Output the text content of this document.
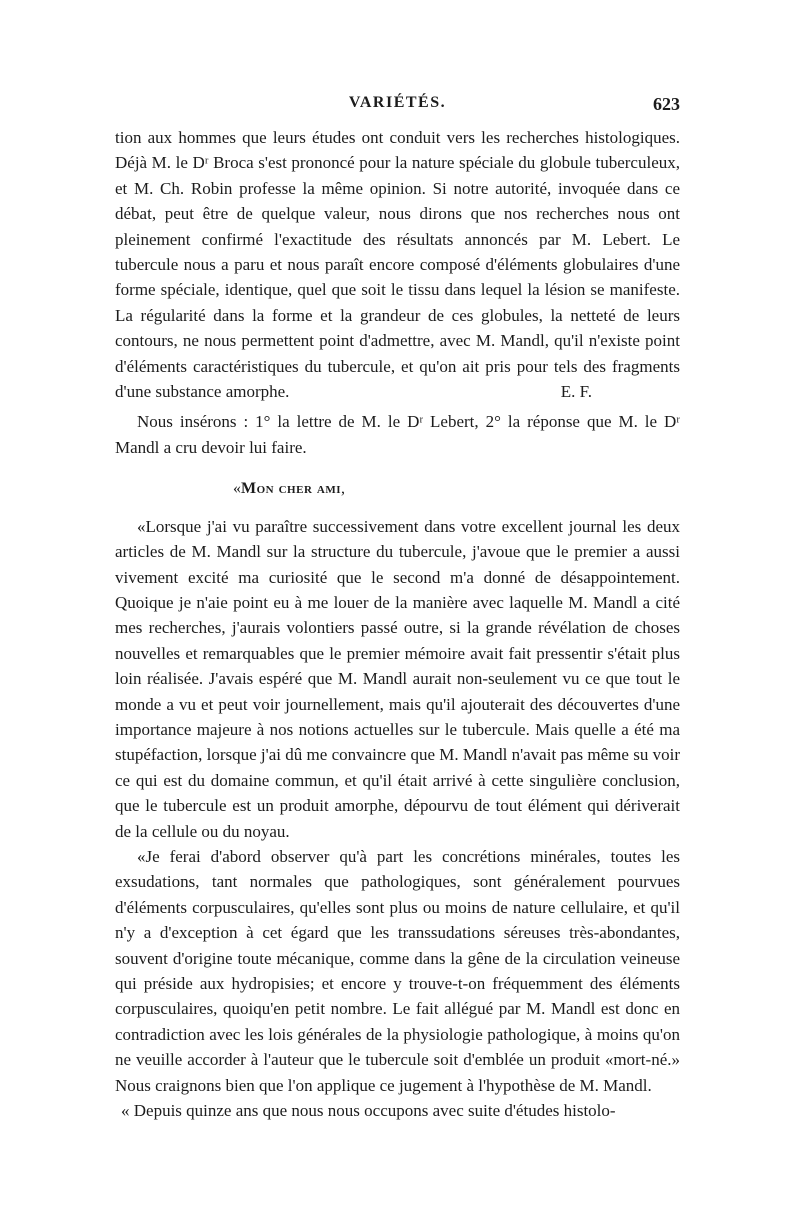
VARIÉTÉS.	623

tion aux hommes que leurs études ont conduit vers les recherches histologiques. Déjà M. le Dʳ Broca s'est prononcé pour la nature spéciale du globule tuberculeux, et M. Ch. Robin professe la même opinion. Si notre autorité, invoquée dans ce débat, peut être de quelque valeur, nous dirons que nos recherches nous ont pleinement confirmé l'exactitude des résultats annoncés par M. Lebert. Le tubercule nous a paru et nous paraît encore composé d'éléments globulaires d'une forme spéciale, identique, quel que soit le tissu dans lequel la lésion se manifeste. La régularité dans la forme et la grandeur de ces globules, la netteté de leurs contours, ne nous permettent point d'admettre, avec M. Mandl, qu'il n'existe point d'éléments caractéristiques du tubercule, et qu'on ait pris pour tels des fragments d'une substance amorphe.	E. F.

Nous insérons : 1° la lettre de M. le Dʳ Lebert, 2° la réponse que M. le Dʳ Mandl a cru devoir lui faire.

«Mon cher ami,

«Lorsque j'ai vu paraître successivement dans votre excellent journal les deux articles de M. Mandl sur la structure du tubercule, j'avoue que le premier a aussi vivement excité ma curiosité que le second m'a donné de désappointement. Quoique je n'aie point eu à me louer de la manière avec laquelle M. Mandl a cité mes recherches, j'aurais volontiers passé outre, si la grande révélation de choses nouvelles et remarquables que le premier mémoire avait fait pressentir s'était plus loin réalisée. J'avais espéré que M. Mandl aurait non-seulement vu ce que tout le monde a vu et peut voir journellement, mais qu'il ajouterait des découvertes d'une importance majeure à nos notions actuelles sur le tubercule. Mais quelle a été ma stupéfaction, lorsque j'ai dû me convaincre que M. Mandl n'avait pas même su voir ce qui est du domaine commun, et qu'il était arrivé à cette singulière conclusion, que le tubercule est un produit amorphe, dépourvu de tout élément qui dériverait de la cellule ou du noyau.

«Je ferai d'abord observer qu'à part les concrétions minérales, toutes les exsudations, tant normales que pathologiques, sont généralement pourvues d'éléments corpusculaires, qu'elles sont plus ou moins de nature cellulaire, et qu'il n'y a d'exception à cet égard que les transsudations séreuses très-abondantes, souvent d'origine toute mécanique, comme dans la gêne de la circulation veineuse qui préside aux hydropisies; et encore y trouve-t-on fréquemment des éléments corpusculaires, quoiqu'en petit nombre. Le fait allégué par M. Mandl est donc en contradiction avec les lois générales de la physiologie pathologique, à moins qu'on ne veuille accorder à l'auteur que le tubercule soit d'emblée un produit «mort-né.» Nous craignons bien que l'on applique ce jugement à l'hypothèse de M. Mandl.

« Depuis quinze ans que nous nous occupons avec suite d'études histolo-
